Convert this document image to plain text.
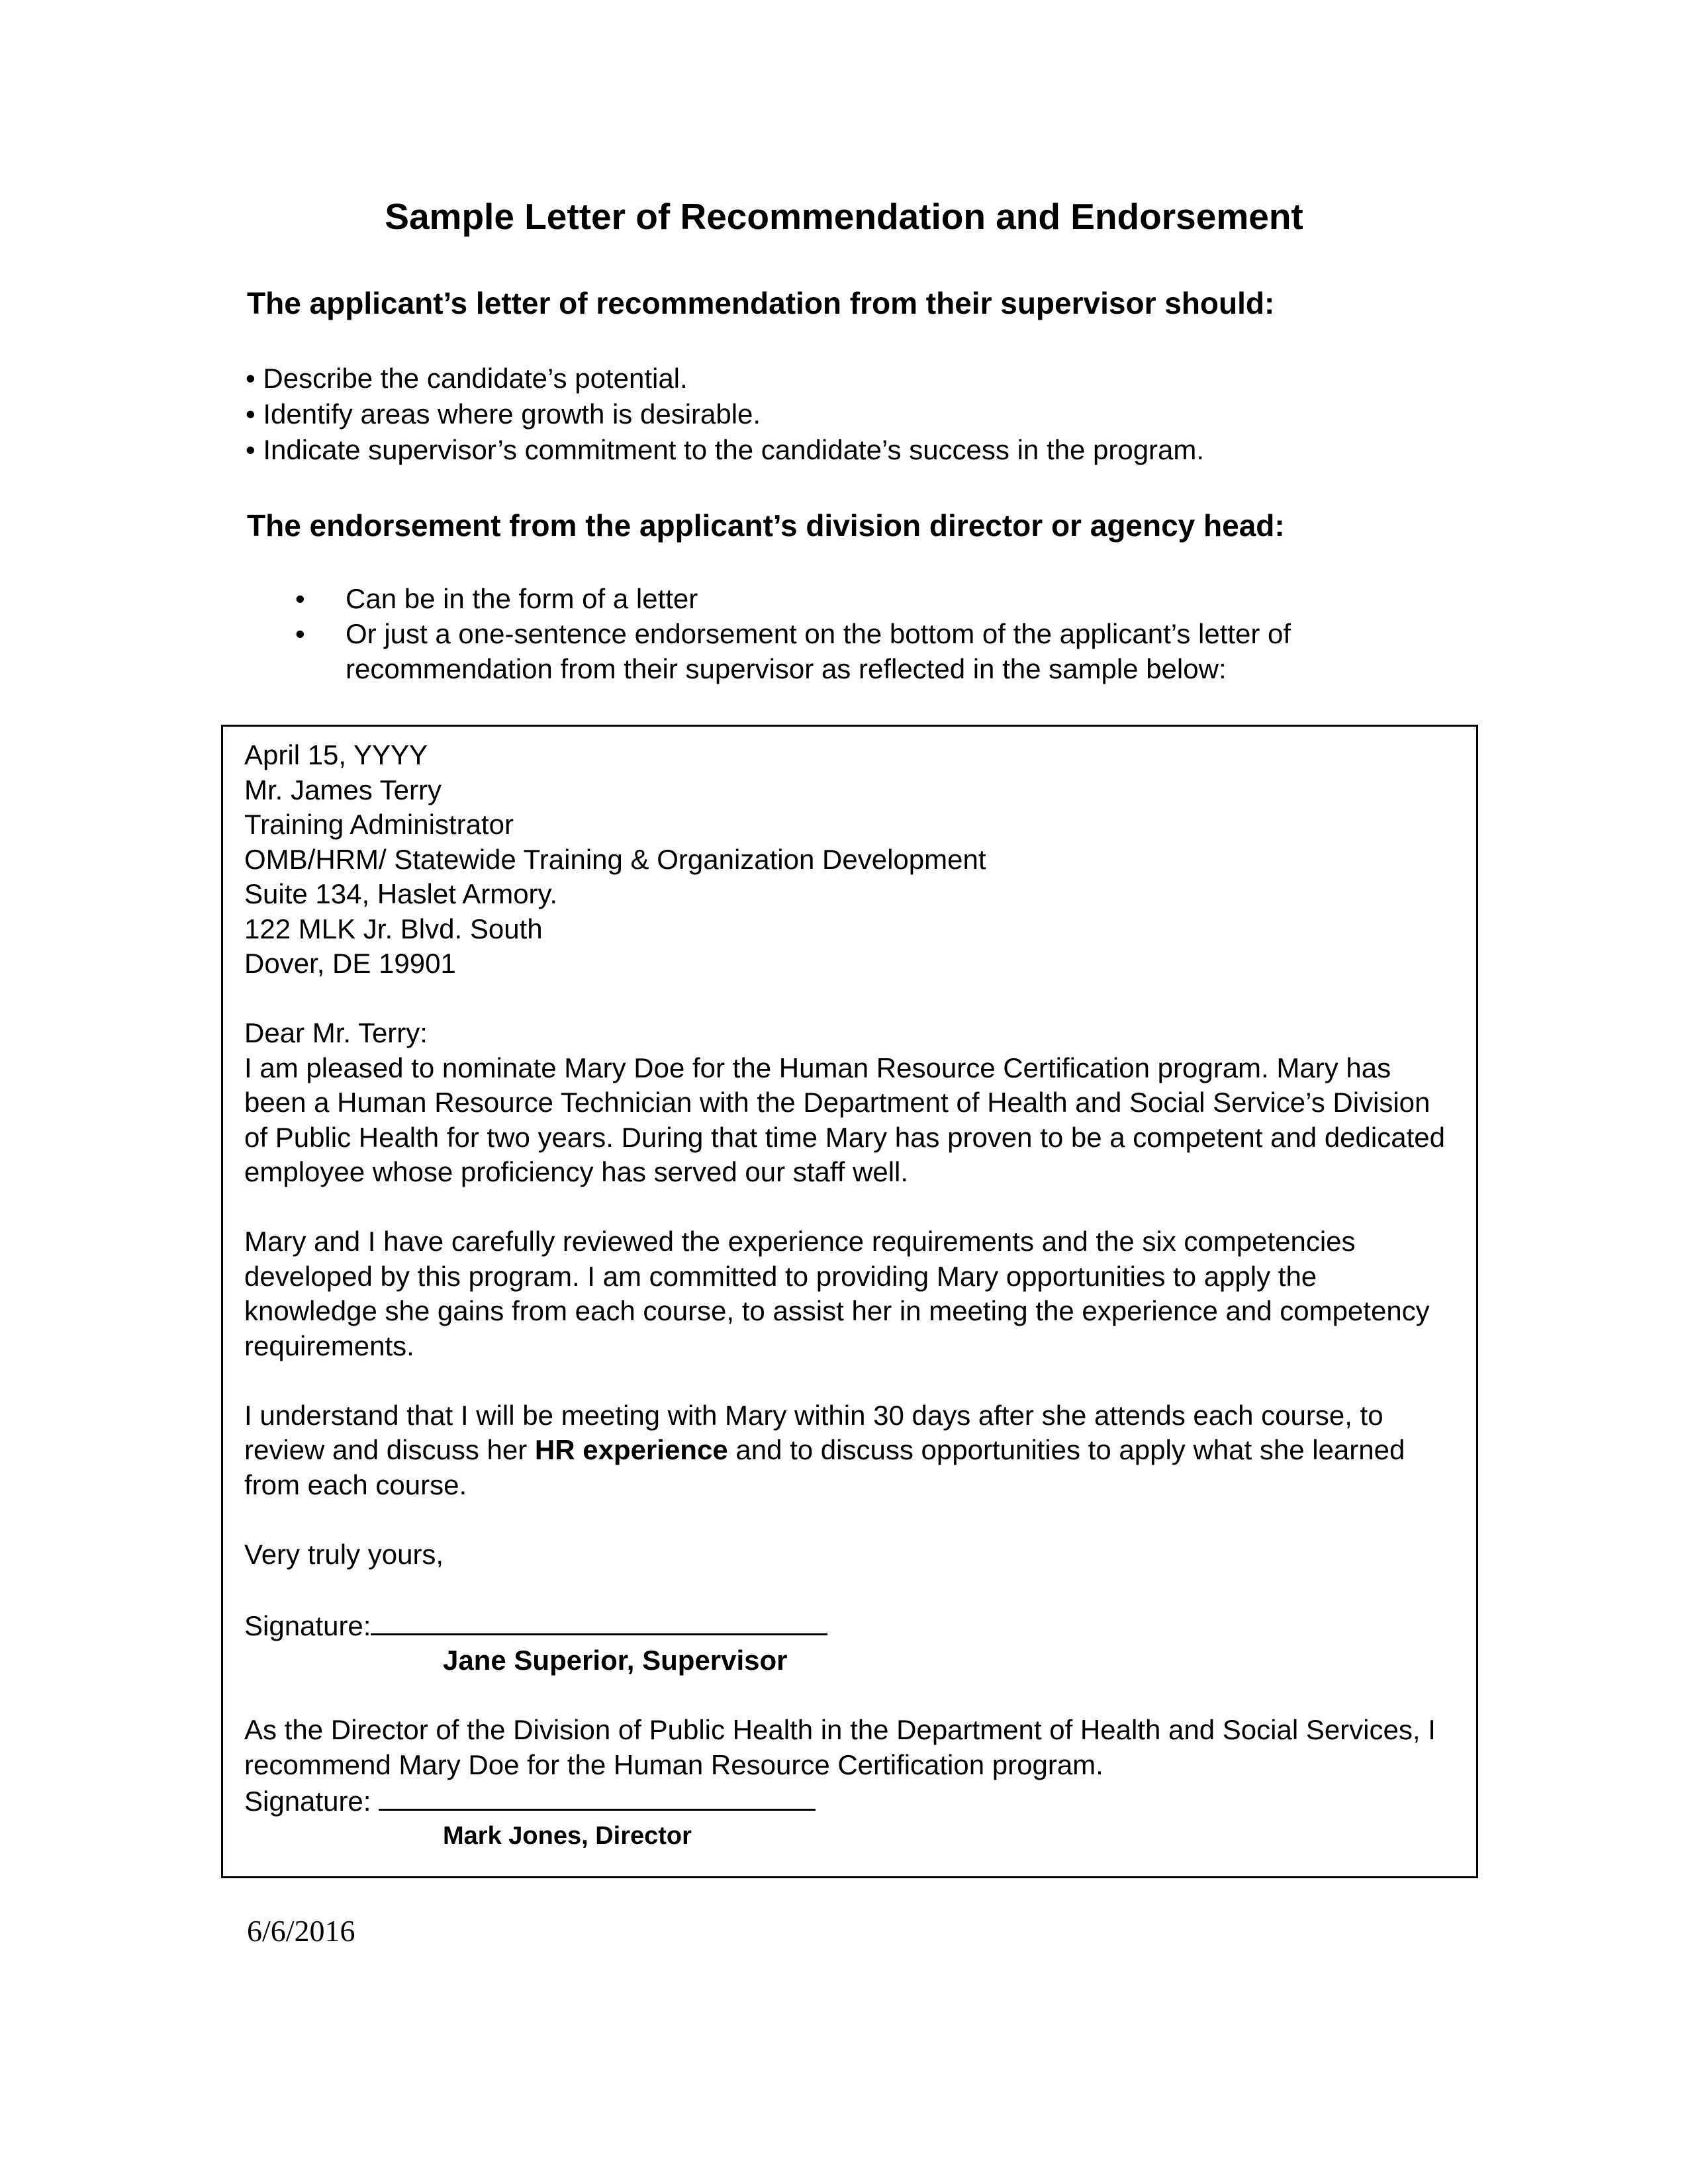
Sample Letter of Recommendation and Endorsement
The applicant’s letter of recommendation from their supervisor should:
• Describe the candidate’s potential.
• Identify areas where growth is desirable.
• Indicate supervisor’s commitment to the candidate’s success in the program.
The endorsement from the applicant’s division director or agency head:
• Can be in the form of a letter
• Or just a one-sentence endorsement on the bottom of the applicant’s letter of recommendation from their supervisor as reflected in the sample below:

April 15, YYYY

Mr. James Terry
Training Administrator
OMB/HRM/ Statewide Training & Organization Development
Suite 134, Haslet Armory.
122 MLK Jr. Blvd. South
Dover, DE 19901

Dear Mr. Terry:

I am pleased to nominate Mary Doe for the Human Resource Certification program. Mary has been a Human Resource Technician with the Department of Health and Social Service’s Division of Public Health for two years. During that time Mary has proven to be a competent and dedicated employee whose proficiency has served our staff well.

Mary and I have carefully reviewed the experience requirements and the six competencies developed by this program. I am committed to providing Mary opportunities to apply the knowledge she gains from each course, to assist her in meeting the experience and competency requirements.

I understand that I will be meeting with Mary within 30 days after she attends each course, to review and discuss her HR experience and to discuss opportunities to apply what she learned from each course.

Very truly yours,

Signature:
Jane Superior, Supervisor

As the Director of the Division of Public Health in the Department of Health and Social Services, I recommend Mary Doe for the Human Resource Certification program.

Signature:
Mark Jones, Director

6/6/2016
